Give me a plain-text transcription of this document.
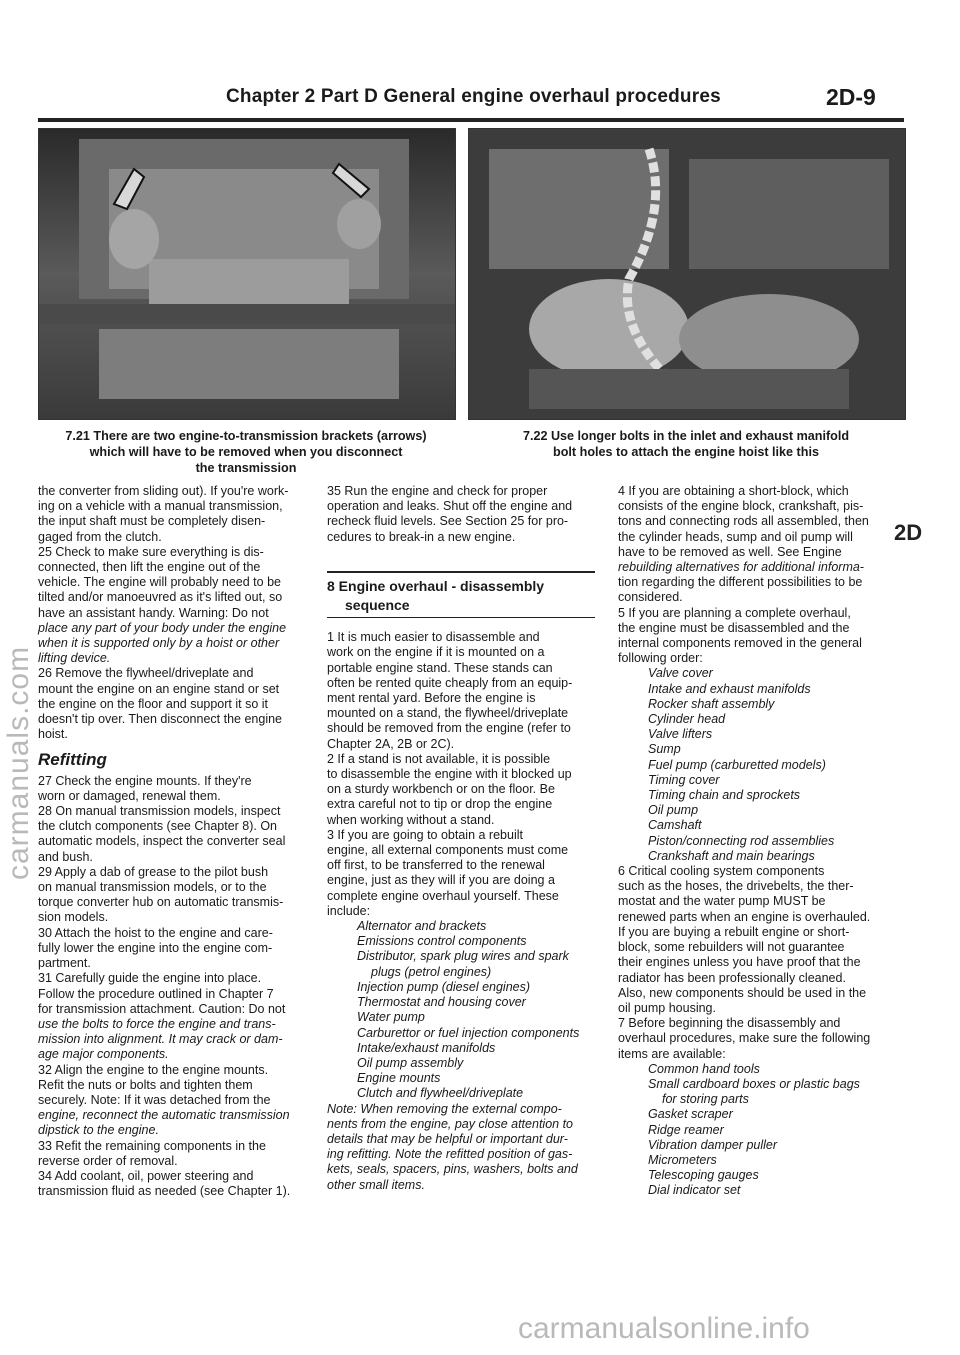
Chapter 2 Part D General engine overhaul procedures	2D-9
7.21 There are two engine-to-transmission brackets (arrows)
which will have to be removed when you disconnect
the transmission
7.22 Use longer bolts in the inlet and exhaust manifold
bolt holes to attach the engine hoist like this
the converter from sliding out). If you're work-
ing on a vehicle with a manual transmission,
the input shaft must be completely disen-
gaged from the clutch.
25 Check to make sure everything is dis-
connected, then lift the engine out of the
vehicle. The engine will probably need to be
tilted and/or manoeuvred as it's lifted out, so
have an assistant handy. Warning: Do not
place any part of your body under the engine
when it is supported only by a hoist or other
lifting device.
26 Remove the flywheel/driveplate and
mount the engine on an engine stand or set
the engine on the floor and support it so it
doesn't tip over. Then disconnect the engine
hoist.
Refitting
27 Check the engine mounts. If they're
worn or damaged, renewal them.
28 On manual transmission models, inspect
the clutch components (see Chapter 8). On
automatic models, inspect the converter seal
and bush.
29 Apply a dab of grease to the pilot bush
on manual transmission models, or to the
torque converter hub on automatic transmis-
sion models.
30 Attach the hoist to the engine and care-
fully lower the engine into the engine com-
partment.
31 Carefully guide the engine into place.
Follow the procedure outlined in Chapter 7
for transmission attachment. Caution: Do not
use the bolts to force the engine and trans-
mission into alignment. It may crack or dam-
age major components.
32 Align the engine to the engine mounts.
Refit the nuts or bolts and tighten them
securely. Note: If it was detached from the
engine, reconnect the automatic transmission
dipstick to the engine.
33 Refit the remaining components in the
reverse order of removal.
34 Add coolant, oil, power steering and
transmission fluid as needed (see Chapter 1).
35 Run the engine and check for proper
operation and leaks. Shut off the engine and
recheck fluid levels. See Section 25 for pro-
cedures to break-in a new engine.
8 Engine overhaul - disassembly
sequence
1 It is much easier to disassemble and
work on the engine if it is mounted on a
portable engine stand. These stands can
often be rented quite cheaply from an equip-
ment rental yard. Before the engine is
mounted on a stand, the flywheel/driveplate
should be removed from the engine (refer to
Chapter 2A, 2B or 2C).
2 If a stand is not available, it is possible
to disassemble the engine with it blocked up
on a sturdy workbench or on the floor. Be
extra careful not to tip or drop the engine
when working without a stand.
3 If you are going to obtain a rebuilt
engine, all external components must come
off first, to be transferred to the renewal
engine, just as they will if you are doing a
complete engine overhaul yourself. These
include:
Alternator and brackets
Emissions control components
Distributor, spark plug wires and spark
plugs (petrol engines)
Injection pump (diesel engines)
Thermostat and housing cover
Water pump
Carburettor or fuel injection components
Intake/exhaust manifolds
Oil pump assembly
Engine mounts
Clutch and flywheel/driveplate
Note: When removing the external compo-
nents from the engine, pay close attention to
details that may be helpful or important dur-
ing refitting. Note the refitted position of gas-
kets, seals, spacers, pins, washers, bolts and
other small items.
4 If you are obtaining a short-block, which
consists of the engine block, crankshaft, pis-
tons and connecting rods all assembled, then
the cylinder heads, sump and oil pump will
have to be removed as well. See Engine
rebuilding alternatives for additional informa-
tion regarding the different possibilities to be
considered.
5 If you are planning a complete overhaul,
the engine must be disassembled and the
internal components removed in the general
following order:
Valve cover
Intake and exhaust manifolds
Rocker shaft assembly
Cylinder head
Valve lifters
Sump
Fuel pump (carburetted models)
Timing cover
Timing chain and sprockets
Oil pump
Camshaft
Piston/connecting rod assemblies
Crankshaft and main bearings
6 Critical cooling system components
such as the hoses, the drivebelts, the ther-
mostat and the water pump MUST be
renewed parts when an engine is overhauled.
If you are buying a rebuilt engine or short-
block, some rebuilders will not guarantee
their engines unless you have proof that the
radiator has been professionally cleaned.
Also, new components should be used in the
oil pump housing.
7 Before beginning the disassembly and
overhaul procedures, make sure the following
items are available:
Common hand tools
Small cardboard boxes or plastic bags
for storing parts
Gasket scraper
Ridge reamer
Vibration damper puller
Micrometers
Telescoping gauges
Dial indicator set
2D
carmanuals.com
carmanualsonline.info
